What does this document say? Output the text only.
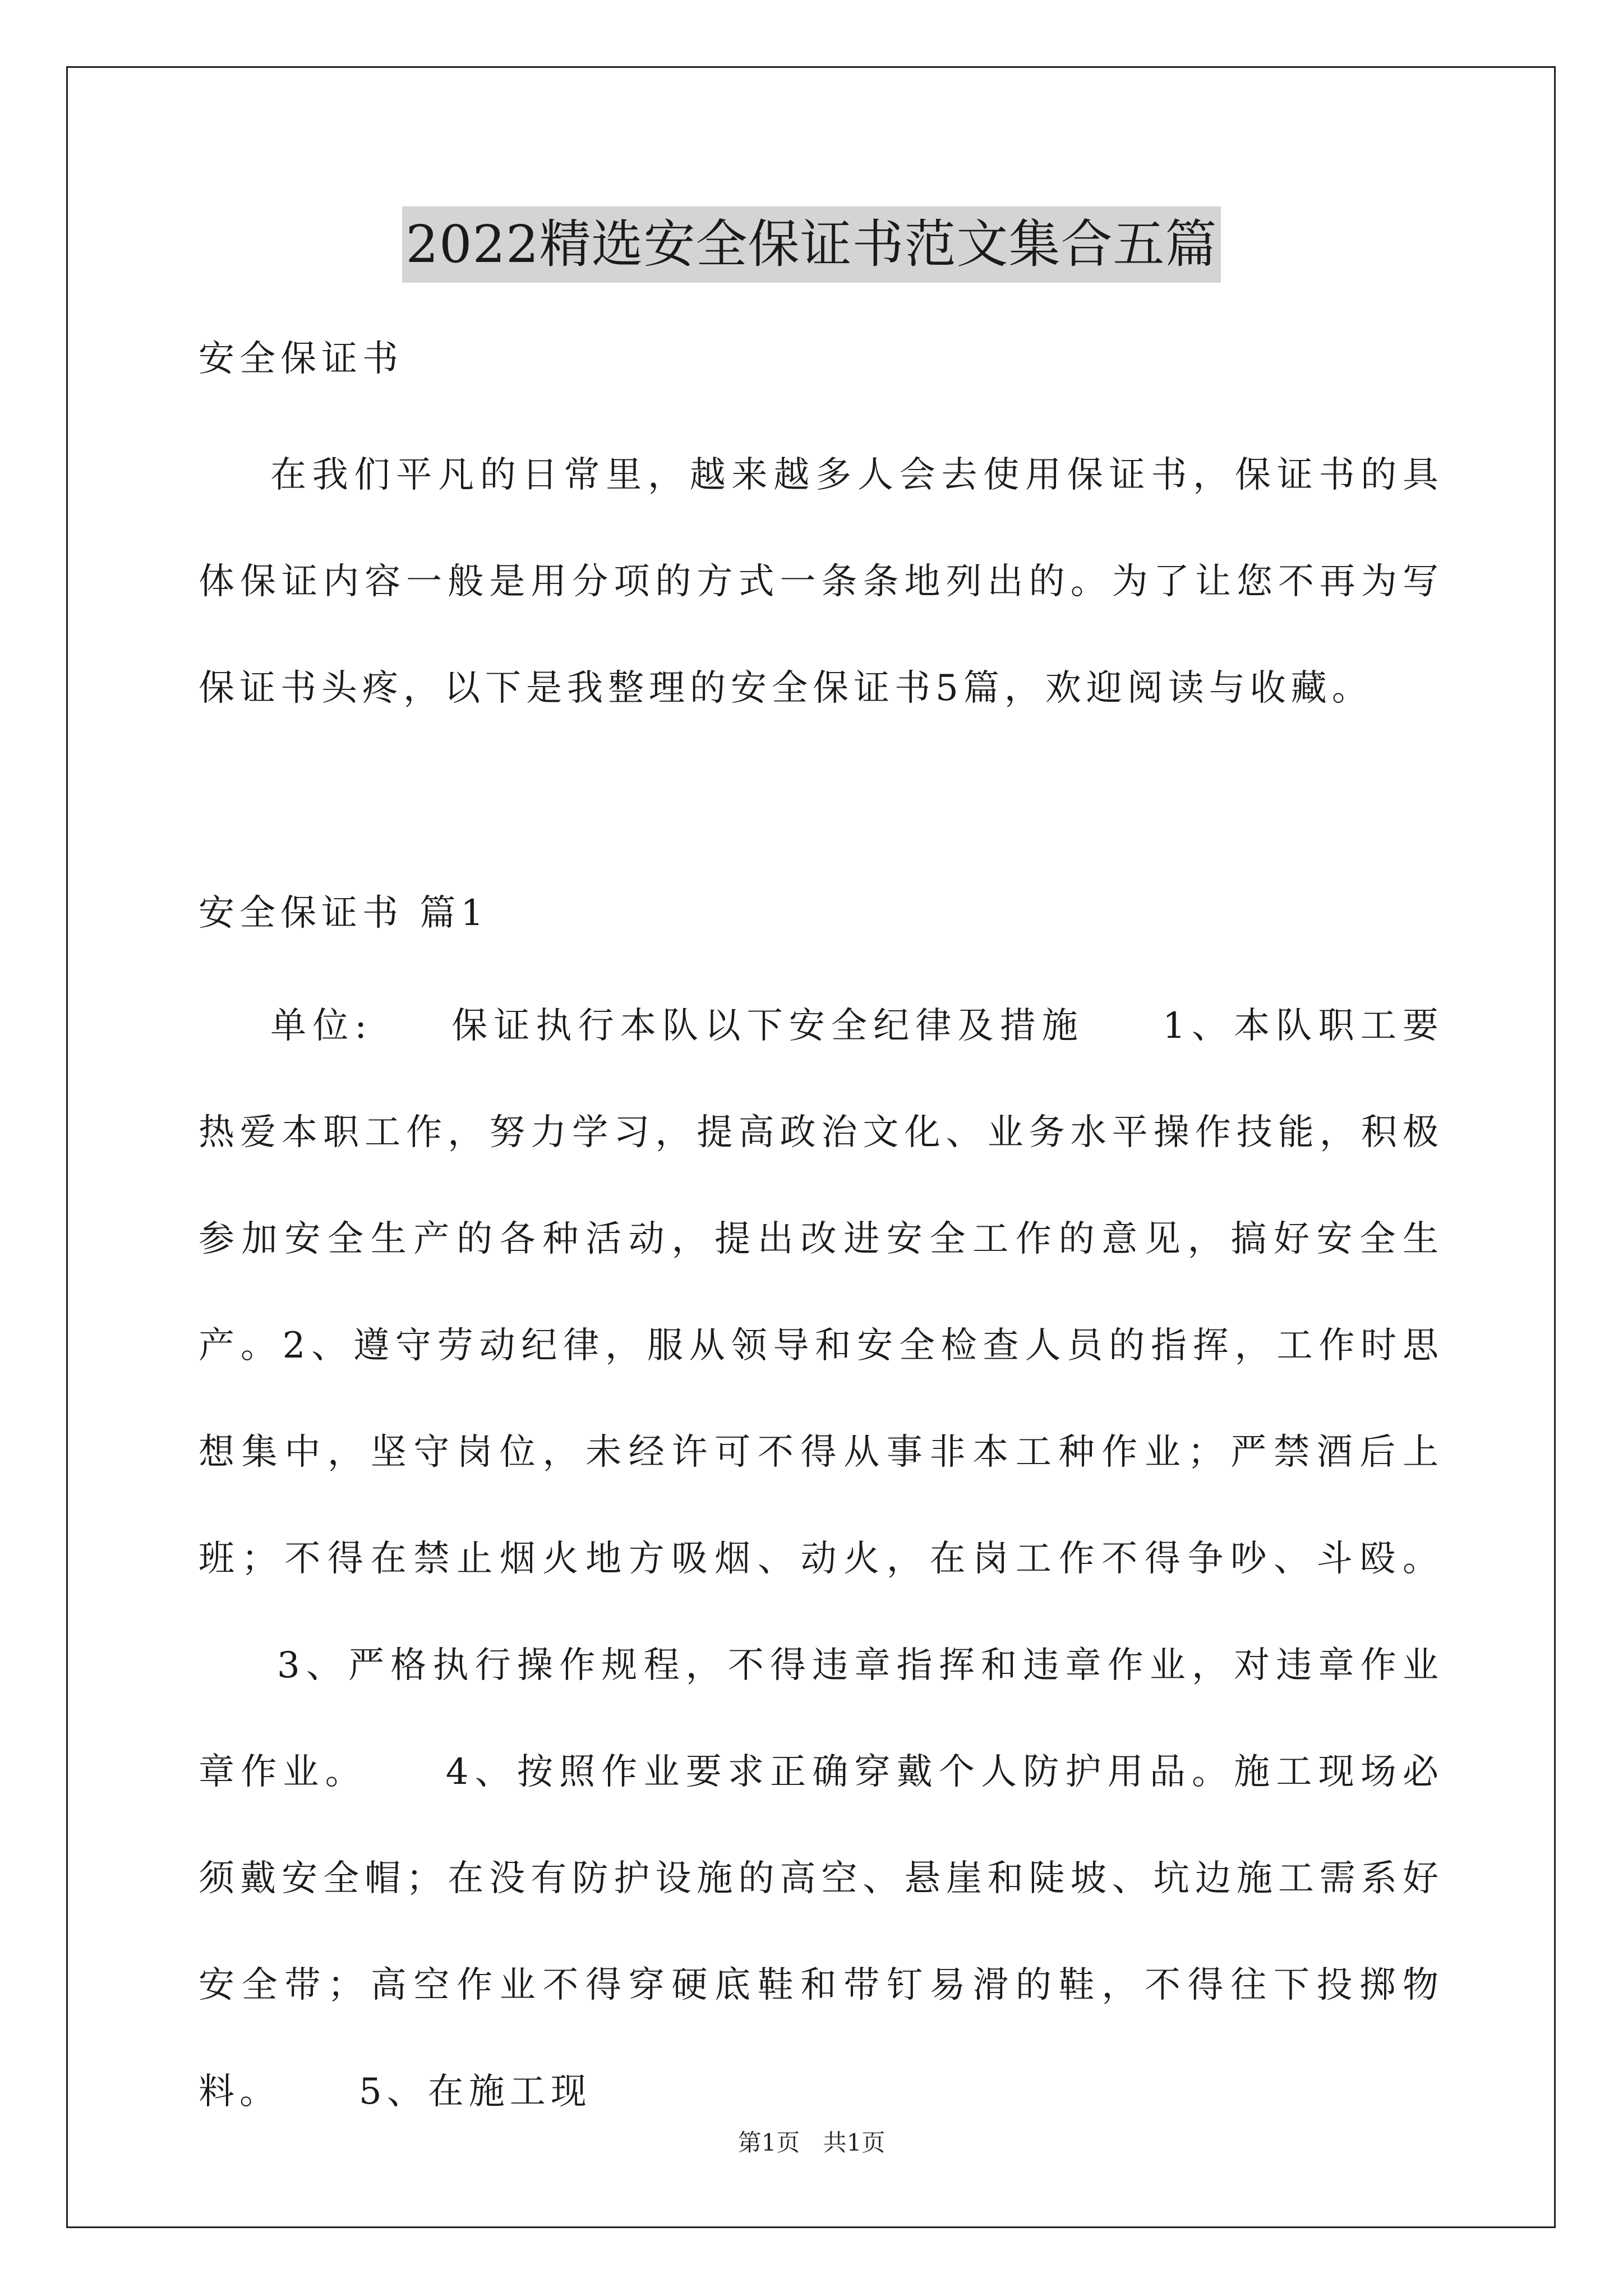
2022精选安全保证书范文集合五篇
安全保证书

在我们平凡的日常里，越来越多人会去使用保证书，保证书的具体保证内容一般是用分项的方式一条条地列出的。为了让您不再为写保证书头疼，以下是我整理的安全保证书5篇，欢迎阅读与收藏。

安全保证书 篇1

单位: 保证执行本队以下安全纪律及措施 1、本队职工要热爱本职工作，努力学习，提高政治文化、业务水平操作技能，积极参加安全生产的各种活动，提出改进安全工作的意见，搞好安全生产。2、遵守劳动纪律，服从领导和安全检查人员的指挥，工作时思想集中，坚守岗位，未经许可不得从事非本工种作业；严禁酒后上班；不得在禁止烟火地方吸烟、动火，在岗工作不得争吵、斗殴。3、严格执行操作规程，不得违章指挥和违章作业，对违章作业章作业。 4、按照作业要求正确穿戴个人防护用品。施工现场必须戴安全帽；在没有防护设施的高空、悬崖和陡坡、坑边施工需系好安全带；高空作业不得穿硬底鞋和带钉易滑的鞋，不得往下投掷物料。 5、在施工现

第1页 共1页
